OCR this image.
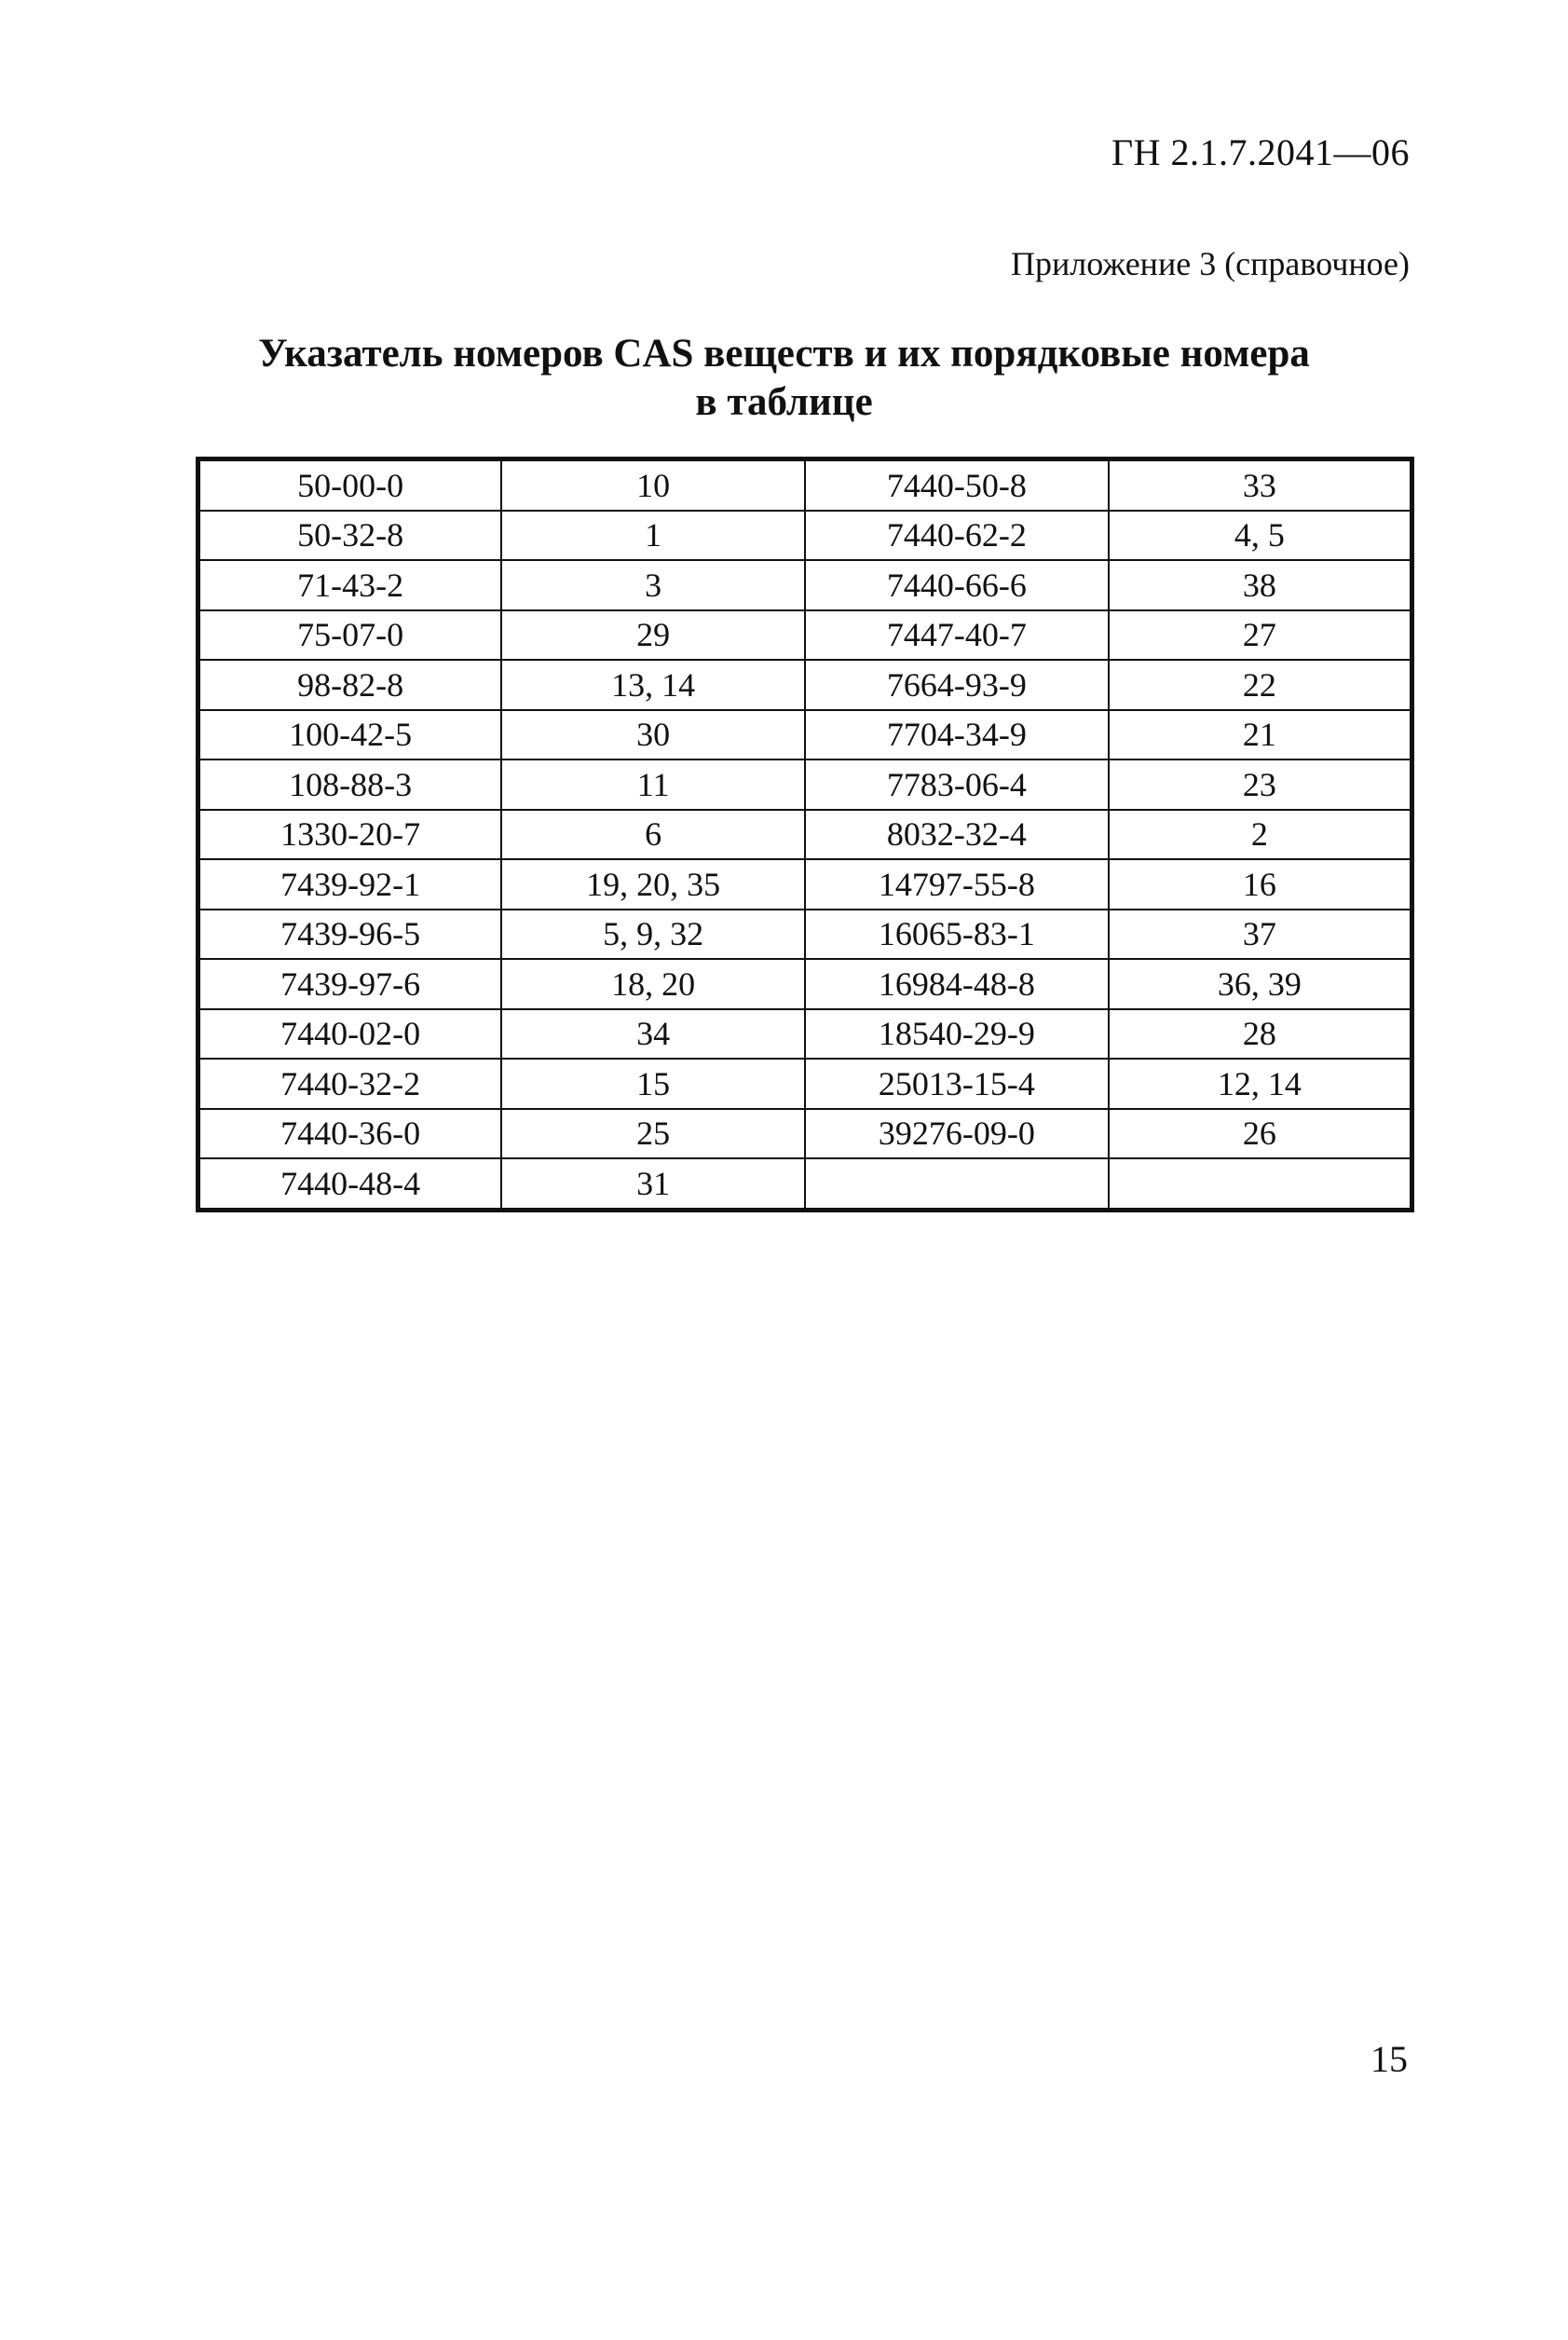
ГН 2.1.7.2041—06
Приложение 3 (справочное)
Указатель номеров CAS веществ и их порядковые номера
в таблице
50-00-0	10	7440-50-8	33
50-32-8	1	7440-62-2	4, 5
71-43-2	3	7440-66-6	38
75-07-0	29	7447-40-7	27
98-82-8	13, 14	7664-93-9	22
100-42-5	30	7704-34-9	21
108-88-3	11	7783-06-4	23
1330-20-7	6	8032-32-4	2
7439-92-1	19, 20, 35	14797-55-8	16
7439-96-5	5, 9, 32	16065-83-1	37
7439-97-6	18, 20	16984-48-8	36, 39
7440-02-0	34	18540-29-9	28
7440-32-2	15	25013-15-4	12, 14
7440-36-0	25	39276-09-0	26
7440-48-4	31		
15
